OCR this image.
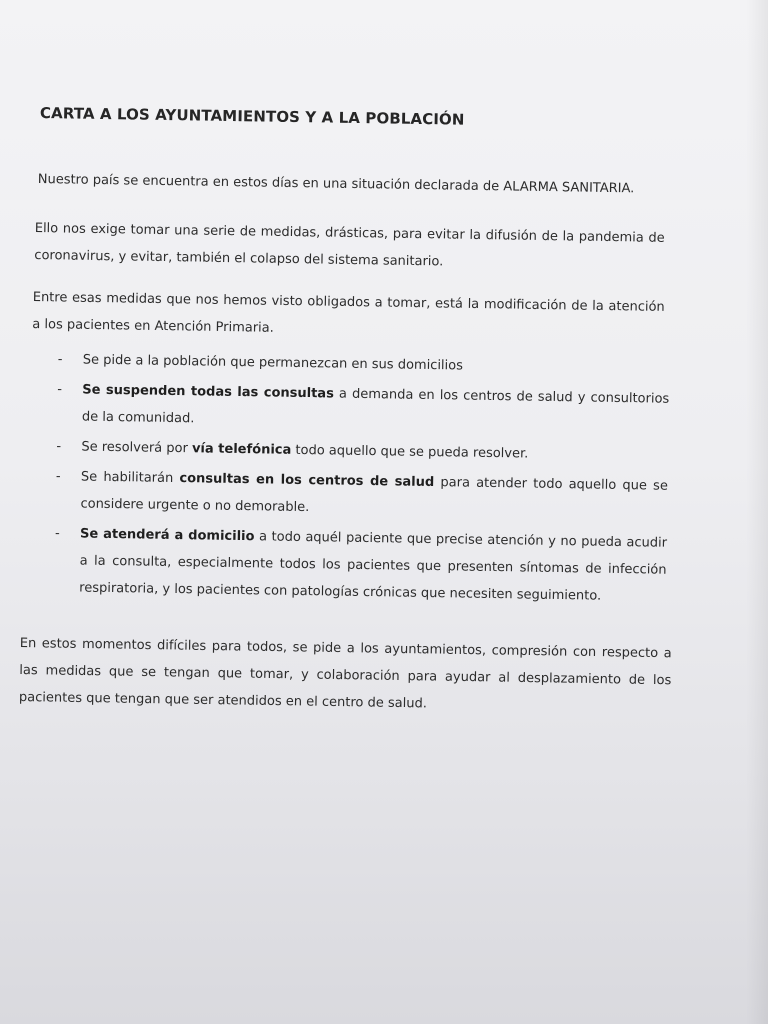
CARTA A LOS AYUNTAMIENTOS Y A LA POBLACIÓN

Nuestro país se encuentra en estos días en una situación declarada de ALARMA SANITARIA.

Ello nos exige tomar una serie de medidas, drásticas, para evitar la difusión de la pandemia de coronavirus, y evitar, también el colapso del sistema sanitario.

Entre esas medidas que nos hemos visto obligados a tomar, está la modificación de la atención a los pacientes en Atención Primaria.

-	Se pide a la población que permanezcan en sus domicilios
-	Se suspenden todas las consultas a demanda en los centros de salud y consultorios de la comunidad.
-	Se resolverá por vía telefónica todo aquello que se pueda resolver.
-	Se habilitarán consultas en los centros de salud para atender todo aquello que se considere urgente o no demorable.
-	Se atenderá a domicilio a todo aquél paciente que precise atención y no pueda acudir a la consulta, especialmente todos los pacientes que presenten síntomas de infección respiratoria, y los pacientes con patologías crónicas que necesiten seguimiento.

En estos momentos difíciles para todos, se pide a los ayuntamientos, compresión con respecto a las medidas que se tengan que tomar, y colaboración para ayudar al desplazamiento de los pacientes que tengan que ser atendidos en el centro de salud.
